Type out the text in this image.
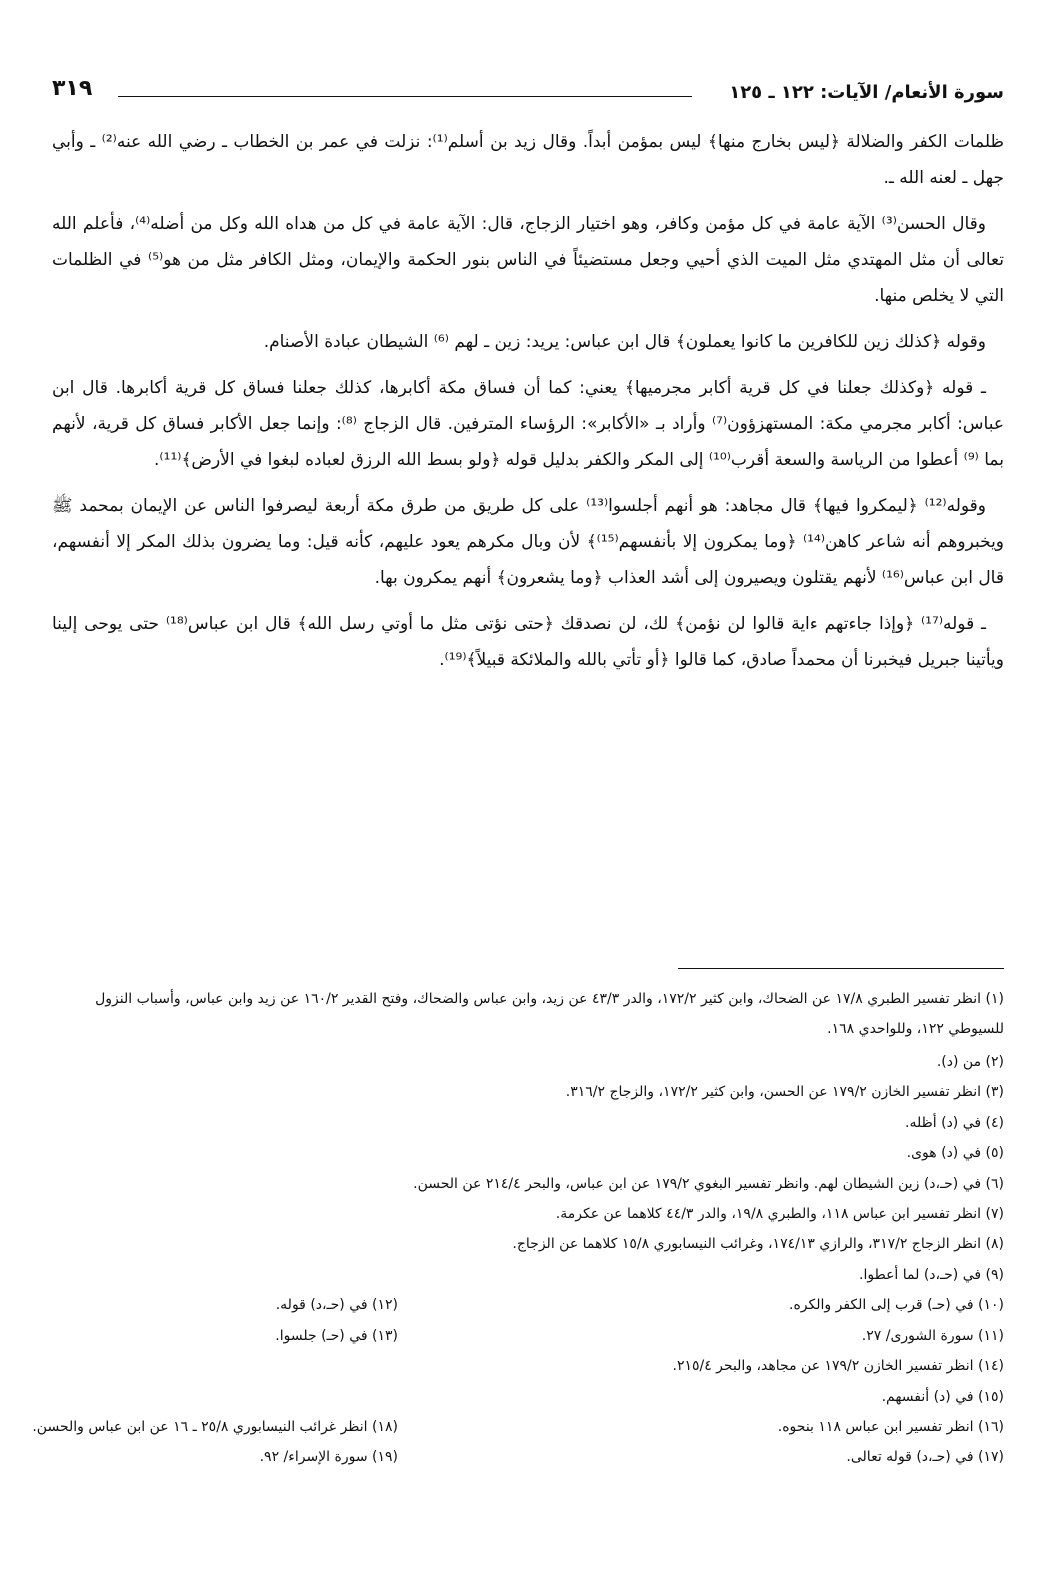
سورة الأنعام/ الآيات: ١٢٢ ـ ١٢٥
٣١٩

ظلمات الكفر والضلالة ﴿ليس بخارج منها﴾ ليس بمؤمن أبداً. وقال زيد بن أسلم⁽¹⁾: نزلت في عمر بن الخطاب ـ رضي الله عنه⁽²⁾ ـ وأبي جهل ـ لعنه الله ـ.

وقال الحسن⁽³⁾ الآية عامة في كل مؤمن وكافر، وهو اختيار الزجاج، قال: الآية عامة في كل من هداه الله وكل من أضله⁽⁴⁾، فأعلم الله تعالى أن مثل المهتدي مثل الميت الذي أحيي وجعل مستضيئاً في الناس بنور الحكمة والإيمان، ومثل الكافر مثل من هو⁽⁵⁾ في الظلمات التي لا يخلص منها.

وقوله ﴿كذلك زين للكافرين ما كانوا يعملون﴾ قال ابن عباس: يريد: زين ـ لهم ⁽⁶⁾ الشيطان عبادة الأصنام.

ـ قوله ﴿وكذلك جعلنا في كل قرية أكابر مجرميها﴾ يعني: كما أن فساق مكة أكابرها، كذلك جعلنا فساق كل قرية أكابرها. قال ابن عباس: أكابر مجرمي مكة: المستهزؤون⁽⁷⁾ وأراد بـ «الأكابر»: الرؤساء المترفين. قال الزجاج ⁽⁸⁾: وإنما جعل الأكابر فساق كل قرية، لأنهم بما ⁽⁹⁾ أعطوا من الرياسة والسعة أقرب⁽¹⁰⁾ إلى المكر والكفر بدليل قوله ﴿ولو بسط الله الرزق لعباده لبغوا في الأرض﴾⁽¹¹⁾.

وقوله⁽¹²⁾ ﴿ليمكروا فيها﴾ قال مجاهد: هو أنهم أجلسوا⁽¹³⁾ على كل طريق من طرق مكة أربعة ليصرفوا الناس عن الإيمان بمحمد ﷺ ويخبروهم أنه شاعر كاهن⁽¹⁴⁾ ﴿وما يمكرون إلا بأنفسهم⁽¹⁵⁾﴾ لأن وبال مكرهم يعود عليهم، كأنه قيل: وما يضرون بذلك المكر إلا أنفسهم، قال ابن عباس⁽¹⁶⁾ لأنهم يقتلون ويصيرون إلى أشد العذاب ﴿وما يشعرون﴾ أنهم يمكرون بها.

ـ قوله⁽¹⁷⁾ ﴿وإذا جاءتهم ءاية قالوا لن نؤمن﴾ لك، لن نصدقك ﴿حتى نؤتى مثل ما أوتي رسل الله﴾ قال ابن عباس⁽¹⁸⁾ حتى يوحى إلينا ويأتينا جبريل فيخبرنا أن محمداً صادق، كما قالوا ﴿أو تأتي بالله والملائكة قبيلاً﴾⁽¹⁹⁾.

(١) انظر تفسير الطبري ١٧/٨ عن الضحاك، وابن كثير ١٧٢/٢، والدر ٤٣/٣ عن زيد، وابن عباس والضحاك، وفتح القدير ١٦٠/٢ عن زيد وابن عباس، وأسباب النزول للسيوطي ١٢٢، وللواحدي ١٦٨.
(٢) من (د).
(٣) انظر تفسير الخازن ١٧٩/٢ عن الحسن، وابن كثير ١٧٢/٢، والزجاج ٣١٦/٢.
(٤) في (د) أظله.
(٥) في (د) هوى.
(٦) في (حـ،د) زين الشيطان لهم. وانظر تفسير البغوي ١٧٩/٢ عن ابن عباس، والبحر ٢١٤/٤ عن الحسن.
(٧) انظر تفسير ابن عباس ١١٨، والطبري ١٩/٨، والدر ٤٤/٣ كلاهما عن عكرمة.
(٨) انظر الزجاج ٣١٧/٢، والرازي ١٧٤/١٣، وغرائب النيسابوري ١٥/٨ كلاهما عن الزجاج.
(٩) في (حـ،د) لما أعطوا.
(١٠) في (حـ) قرب إلى الكفر والكره.
(١٢) في (حـ،د) قوله.
(١١) سورة الشورى/ ٢٧.
(١٣) في (حـ) جلسوا.
(١٤) انظر تفسير الخازن ١٧٩/٢ عن مجاهد، والبحر ٢١٥/٤.
(١٥) في (د) أنفسهم.
(١٦) انظر تفسير ابن عباس ١١٨ بنحوه.
(١٨) انظر غرائب النيسابوري ٢٥/٨ ـ ١٦ عن ابن عباس والحسن.
(١٧) في (حـ،د) قوله تعالى.
(١٩) سورة الإسراء/ ٩٢.
